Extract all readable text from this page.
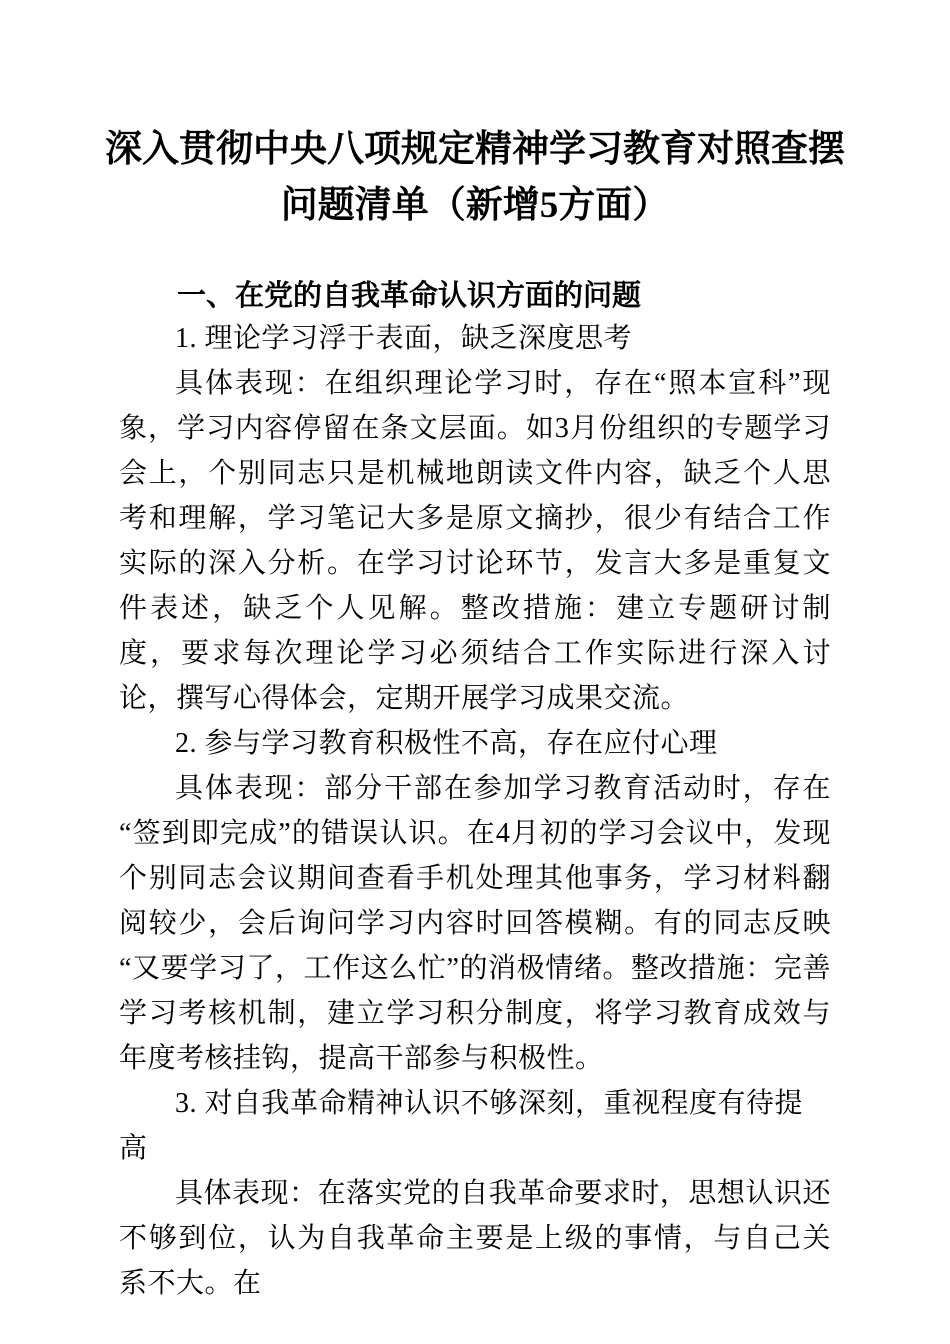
深入贯彻中央八项规定精神学习教育对照查摆
问题清单（新增5方面）
一、在党的自我革命认识方面的问题

1. 理论学习浮于表面，缺乏深度思考

具体表现：在组织理论学习时，存在“照本宣科”现象，学习内容停留在条文层面。如3月份组织的专题学习会上，个别同志只是机械地朗读文件内容，缺乏个人思考和理解，学习笔记大多是原文摘抄，很少有结合工作实际的深入分析。在学习讨论环节，发言大多是重复文件表述，缺乏个人见解。整改措施：建立专题研讨制度，要求每次理论学习必须结合工作实际进行深入讨论，撰写心得体会，定期开展学习成果交流。

2. 参与学习教育积极性不高，存在应付心理

具体表现：部分干部在参加学习教育活动时，存在“签到即完成”的错误认识。在4月初的学习会议中，发现个别同志会议期间查看手机处理其他事务，学习材料翻阅较少，会后询问学习内容时回答模糊。有的同志反映“又要学习了，工作这么忙”的消极情绪。整改措施：完善学习考核机制，建立学习积分制度，将学习教育成效与年度考核挂钩，提高干部参与积极性。

3. 对自我革命精神认识不够深刻，重视程度有待提高

具体表现：在落实党的自我革命要求时，思想认识还不够到位，认为自我革命主要是上级的事情，与自己关系不大。在
